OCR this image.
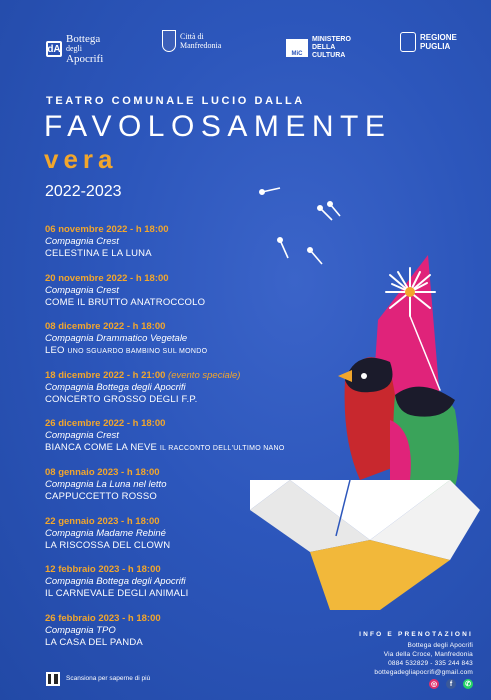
dA
Bottega
degli
Apocrifi
Città di
Manfredonia
MiC
MINISTERO
DELLA
CULTURA
REGIONE
PUGLIA
TEATRO COMUNALE LUCIO DALLA
FAVOLOSAMENTE
vera
2022-2023
06 novembre 2022 - h 18:00
Compagnia Crest
CELESTINA E LA LUNA
20 novembre 2022 - h 18:00
Compagnia Crest
COME IL BRUTTO ANATROCCOLO
08 dicembre 2022 - h 18:00
Compagnia Drammatico Vegetale
LEO UNO SGUARDO BAMBINO SUL MONDO
18 dicembre 2022 - h 21:00 (evento speciale)
Compagnia Bottega degli Apocrifi
CONCERTO GROSSO DEGLI F.P.
26 dicembre 2022 - h 18:00
Compagnia Crest
BIANCA COME LA NEVE IL RACCONTO DELL'ULTIMO NANO
08 gennaio 2023 - h 18:00
Compagnia La Luna nel letto
CAPPUCCETTO ROSSO
22 gennaio 2023 - h 18:00
Compagnia Madame Rebiné
LA RISCOSSA DEL CLOWN
12 febbraio 2023 - h 18:00
Compagnia Bottega degli Apocrifi
IL CARNEVALE DEGLI ANIMALI
26 febbraio 2023 - h 18:00
Compagnia TPO
LA CASA DEL PANDA
Scansiona per saperne di più
INFO E PRENOTAZIONI
Bottega degli Apocrifi
Via della Croce, Manfredonia
0884 532829 - 335 244 843
bottegadegliapocrifi@gmail.com
◎	f	✆
